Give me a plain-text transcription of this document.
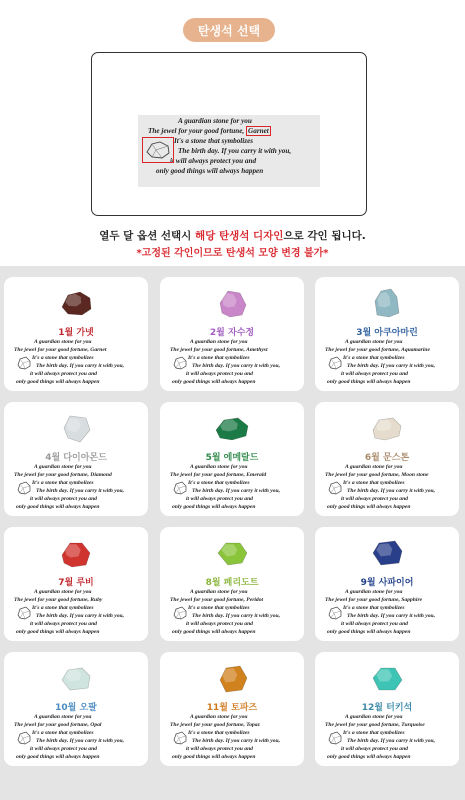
탄생석 선택
A guardian stone for you
The jewel for your good fortune, Garnet
It's a stone that symbolizes
The birth day. If you carry it with you,
it will always protect you and
only good things will always happen
열두 달 옵션 선택시 해당 탄생석 디자인으로 각인 됩니다.
*고정된 각인이므로 탄생석 모양 변경 불가*
1월 가넷
A guardian stone for you
The jewel for your good fortune, Garnet
It's a stone that symbolizes
The birth day. If you carry it with you,
it will always protect you and
only good things will always happen
2월 자수정
A guardian stone for you
The jewel for your good fortune, Amethyst
It's a stone that symbolizes
The birth day. If you carry it with you,
it will always protect you and
only good things will always happen
3월 아쿠아마린
A guardian stone for you
The jewel for your good fortune, Aquamarine
It's a stone that symbolizes
The birth day. If you carry it with you,
it will always protect you and
only good things will always happen
4월 다이아몬드
A guardian stone for you
The jewel for your good fortune, Diamond
It's a stone that symbolizes
The birth day. If you carry it with you,
it will always protect you and
only good things will always happen
5월 에메랄드
A guardian stone for you
The jewel for your good fortune, Emerald
It's a stone that symbolizes
The birth day. If you carry it with you,
it will always protect you and
only good things will always happen
6월 문스톤
A guardian stone for you
The jewel for your good fortune, Moon stone
It's a stone that symbolizes
The birth day. If you carry it with you,
it will always protect you and
only good things will always happen
7월 루비
A guardian stone for you
The jewel for your good fortune, Ruby
It's a stone that symbolizes
The birth day. If you carry it with you,
it will always protect you and
only good things will always happen
8월 페리도트
A guardian stone for you
The jewel for your good fortune, Peridot
It's a stone that symbolizes
The birth day. If you carry it with you,
it will always protect you and
only good things will always happen
9월 사파이어
A guardian stone for you
The jewel for your good fortune, Sapphire
It's a stone that symbolizes
The birth day. If you carry it with you,
it will always protect you and
only good things will always happen
10월 오팔
A guardian stone for you
The jewel for your good fortune, Opal
It's a stone that symbolizes
The birth day. If you carry it with you,
it will always protect you and
only good things will always happen
11월 토파즈
A guardian stone for you
The jewel for your good fortune, Topaz
It's a stone that symbolizes
The birth day. If you carry it with you,
it will always protect you and
only good things will always happen
12월 터키석
A guardian stone for you
The jewel for your good fortune, Turquoise
It's a stone that symbolizes
The birth day. If you carry it with you,
it will always protect you and
only good things will always happen
